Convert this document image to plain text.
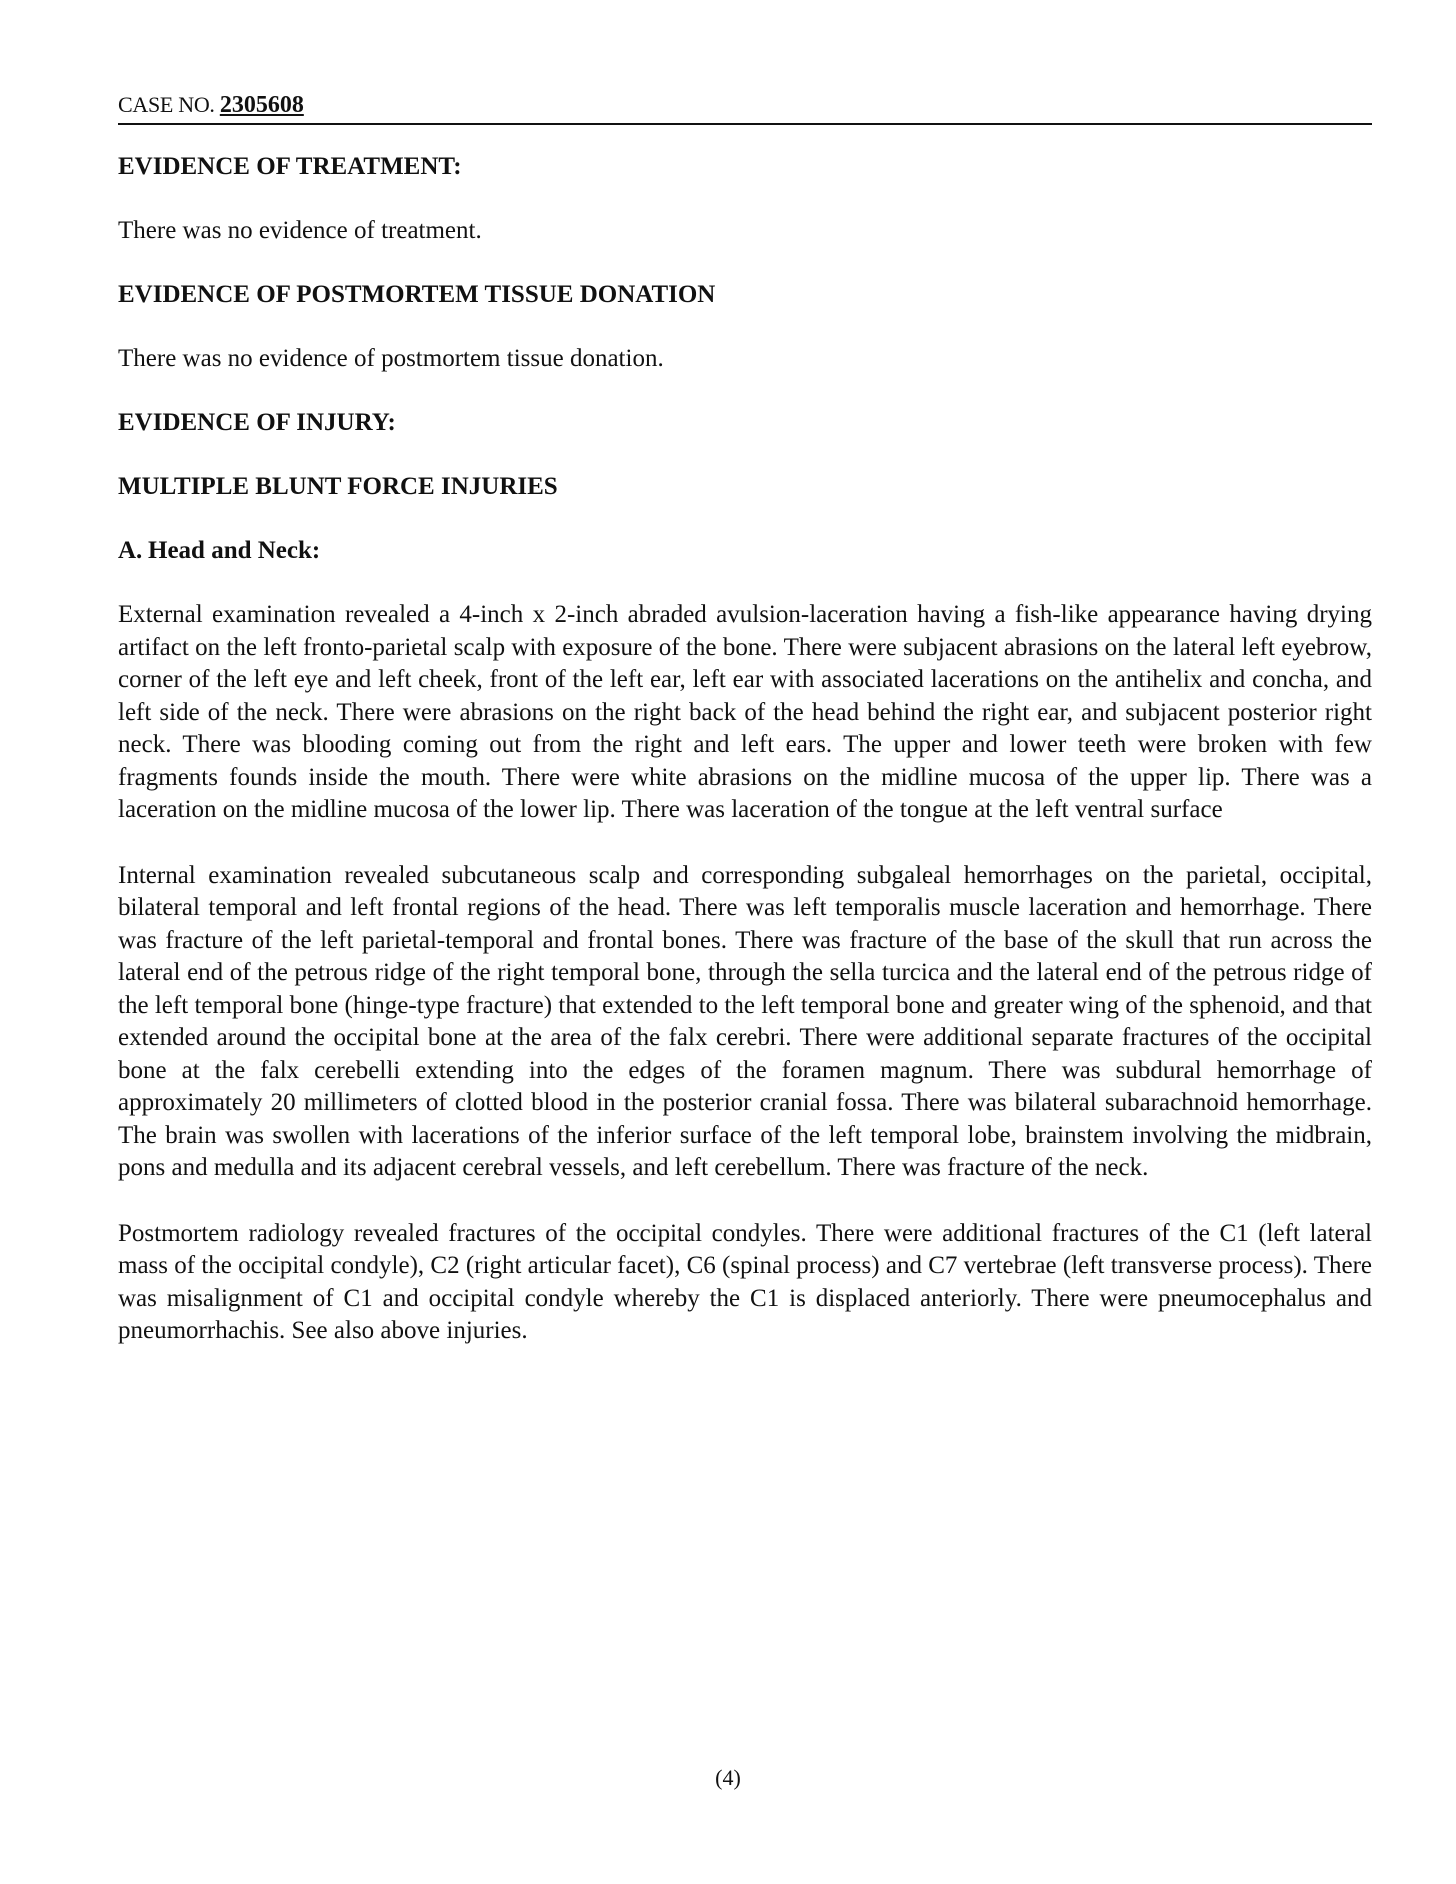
CASE NO. 2305608

EVIDENCE OF TREATMENT:

There was no evidence of treatment.

EVIDENCE OF POSTMORTEM TISSUE DONATION

There was no evidence of postmortem tissue donation.

EVIDENCE OF INJURY:

MULTIPLE BLUNT FORCE INJURIES

A. Head and Neck:

External examination revealed a 4-inch x 2-inch abraded avulsion-laceration having a fish-like appearance having drying artifact on the left fronto-parietal scalp with exposure of the bone. There were subjacent abrasions on the lateral left eyebrow, corner of the left eye and left cheek, front of the left ear, left ear with associated lacerations on the antihelix and concha, and left side of the neck. There were abrasions on the right back of the head behind the right ear, and subjacent posterior right neck. There was blooding coming out from the right and left ears. The upper and lower teeth were broken with few fragments founds inside the mouth. There were white abrasions on the midline mucosa of the upper lip. There was a laceration on the midline mucosa of the lower lip. There was laceration of the tongue at the left ventral surface

Internal examination revealed subcutaneous scalp and corresponding subgaleal hemorrhages on the parietal, occipital, bilateral temporal and left frontal regions of the head. There was left temporalis muscle laceration and hemorrhage. There was fracture of the left parietal-temporal and frontal bones. There was fracture of the base of the skull that run across the lateral end of the petrous ridge of the right temporal bone, through the sella turcica and the lateral end of the petrous ridge of the left temporal bone (hinge-type fracture) that extended to the left temporal bone and greater wing of the sphenoid, and that extended around the occipital bone at the area of the falx cerebri. There were additional separate fractures of the occipital bone at the falx cerebelli extending into the edges of the foramen magnum. There was subdural hemorrhage of approximately 20 millimeters of clotted blood in the posterior cranial fossa. There was bilateral subarachnoid hemorrhage. The brain was swollen with lacerations of the inferior surface of the left temporal lobe, brainstem involving the midbrain, pons and medulla and its adjacent cerebral vessels, and left cerebellum. There was fracture of the neck.

Postmortem radiology revealed fractures of the occipital condyles. There were additional fractures of the C1 (left lateral mass of the occipital condyle), C2 (right articular facet), C6 (spinal process) and C7 vertebrae (left transverse process). There was misalignment of C1 and occipital condyle whereby the C1 is displaced anteriorly. There were pneumocephalus and pneumorrhachis. See also above injuries.

(4)
